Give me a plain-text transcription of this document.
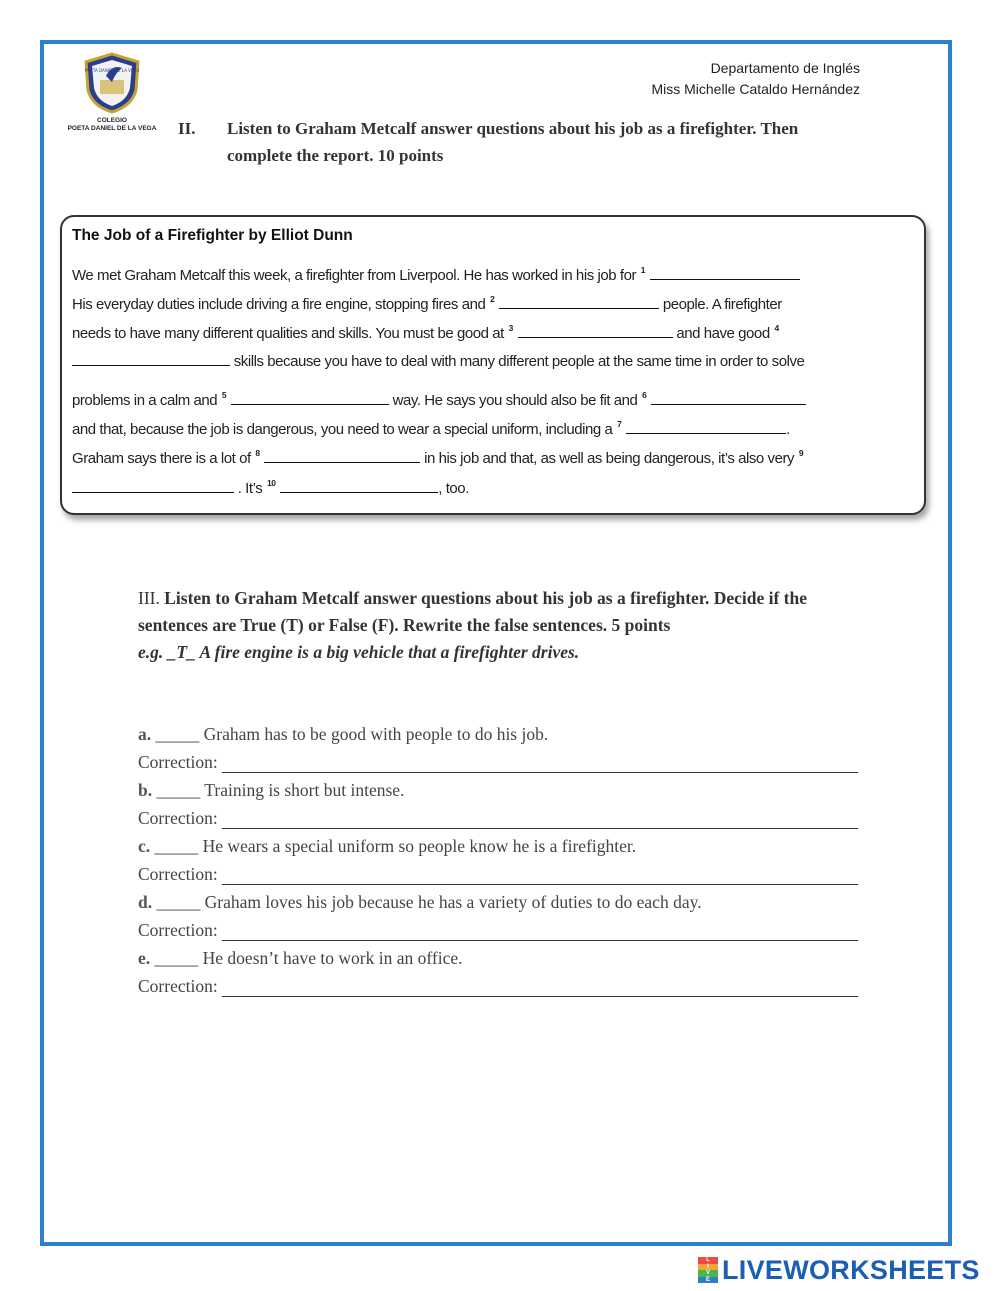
POETA DANIEL DE LA VEGA
COLEGIO
POETA DANIEL DE LA VEGA
Departamento de Inglés
Miss Michelle Cataldo Hernández
II. Listen to Graham Metcalf answer questions about his job as a firefighter. Then complete the report. 10 points
The Job of a Firefighter by Elliot Dunn
We met Graham Metcalf this week, a firefighter from Liverpool. He has worked in his job for $^1$
His everyday duties include driving a fire engine, stopping fires and $^2$	people. A firefighter
needs to have many different qualities and skills. You must be good at $^3$	and have good $^4$
skills because you have to deal with many different people at the same time in order to solve
problems in a calm and $^5$	way. He says you should also be fit and $^6$
and that, because the job is dangerous, you need to wear a special uniform, including a $^7$	.
Graham says there is a lot of $^8$	in his job and that, as well as being dangerous, it’s also very $^9$
. It’s $^{10}$	, too.
III. Listen to Graham Metcalf answer questions about his job as a firefighter. Decide if the sentences are True (T) or False (F). Rewrite the false sentences. 5 points
e.g. _T_ A fire engine is a big vehicle that a firefighter drives.
a. _____ Graham has to be good with people to do his job.
Correction:
b. _____ Training is short but intense.
Correction:
c. _____ He wears a special uniform so people know he is a firefighter.
Correction:
d. _____ Graham loves his job because he has a variety of duties to do each day.
Correction:
e. _____ He doesn’t have to work in an office.
Correction:
L
I
V
E LIVEWORKSHEETS
